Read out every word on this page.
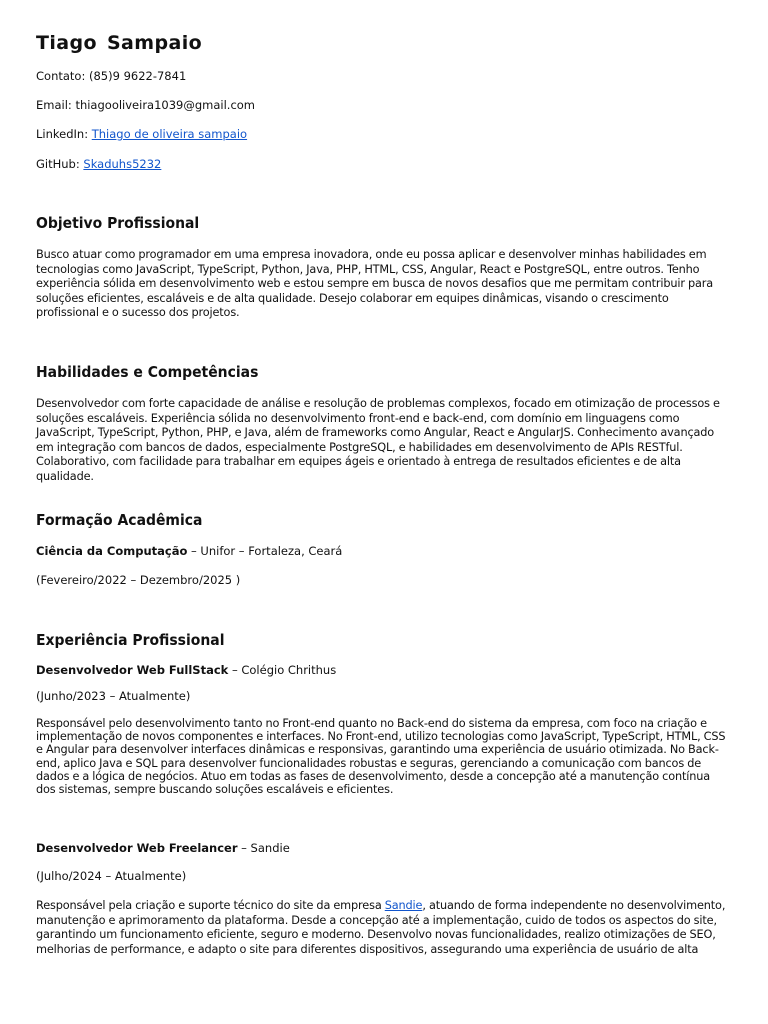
Tiago Sampaio

Contato: (85)9 9622-7841

Email: thiagooliveira1039@gmail.com

LinkedIn: Thiago de oliveira sampaio

GitHub: Skaduhs5232

Objetivo Profissional

Busco atuar como programador em uma empresa inovadora, onde eu possa aplicar e desenvolver minhas habilidades em tecnologias como JavaScript, TypeScript, Python, Java, PHP, HTML, CSS, Angular, React e PostgreSQL, entre outros. Tenho experiência sólida em desenvolvimento web e estou sempre em busca de novos desafios que me permitam contribuir para soluções eficientes, escaláveis e de alta qualidade. Desejo colaborar em equipes dinâmicas, visando o crescimento profissional e o sucesso dos projetos.

Habilidades e Competências

Desenvolvedor com forte capacidade de análise e resolução de problemas complexos, focado em otimização de processos e soluções escaláveis. Experiência sólida no desenvolvimento front-end e back-end, com domínio em linguagens como JavaScript, TypeScript, Python, PHP, e Java, além de frameworks como Angular, React e AngularJS. Conhecimento avançado em integração com bancos de dados, especialmente PostgreSQL, e habilidades em desenvolvimento de APIs RESTful. Colaborativo, com facilidade para trabalhar em equipes ágeis e orientado à entrega de resultados eficientes e de alta qualidade.

Formação Acadêmica

Ciência da Computação – Unifor – Fortaleza, Ceará

(Fevereiro/2022 – Dezembro/2025 )

Experiência Profissional

Desenvolvedor Web FullStack – Colégio Chrithus

(Junho/2023 – Atualmente)

Responsável pelo desenvolvimento tanto no Front-end quanto no Back-end do sistema da empresa, com foco na criação e implementação de novos componentes e interfaces. No Front-end, utilizo tecnologias como JavaScript, TypeScript, HTML, CSS e Angular para desenvolver interfaces dinâmicas e responsivas, garantindo uma experiência de usuário otimizada. No Back-end, aplico Java e SQL para desenvolver funcionalidades robustas e seguras, gerenciando a comunicação com bancos de dados e a lógica de negócios. Atuo em todas as fases de desenvolvimento, desde a concepção até a manutenção contínua dos sistemas, sempre buscando soluções escaláveis e eficientes.

Desenvolvedor Web Freelancer – Sandie

(Julho/2024 – Atualmente)

Responsável pela criação e suporte técnico do site da empresa Sandie, atuando de forma independente no desenvolvimento, manutenção e aprimoramento da plataforma. Desde a concepção até a implementação, cuido de todos os aspectos do site, garantindo um funcionamento eficiente, seguro e moderno. Desenvolvo novas funcionalidades, realizo otimizações de SEO, melhorias de performance, e adapto o site para diferentes dispositivos, assegurando uma experiência de usuário de alta
